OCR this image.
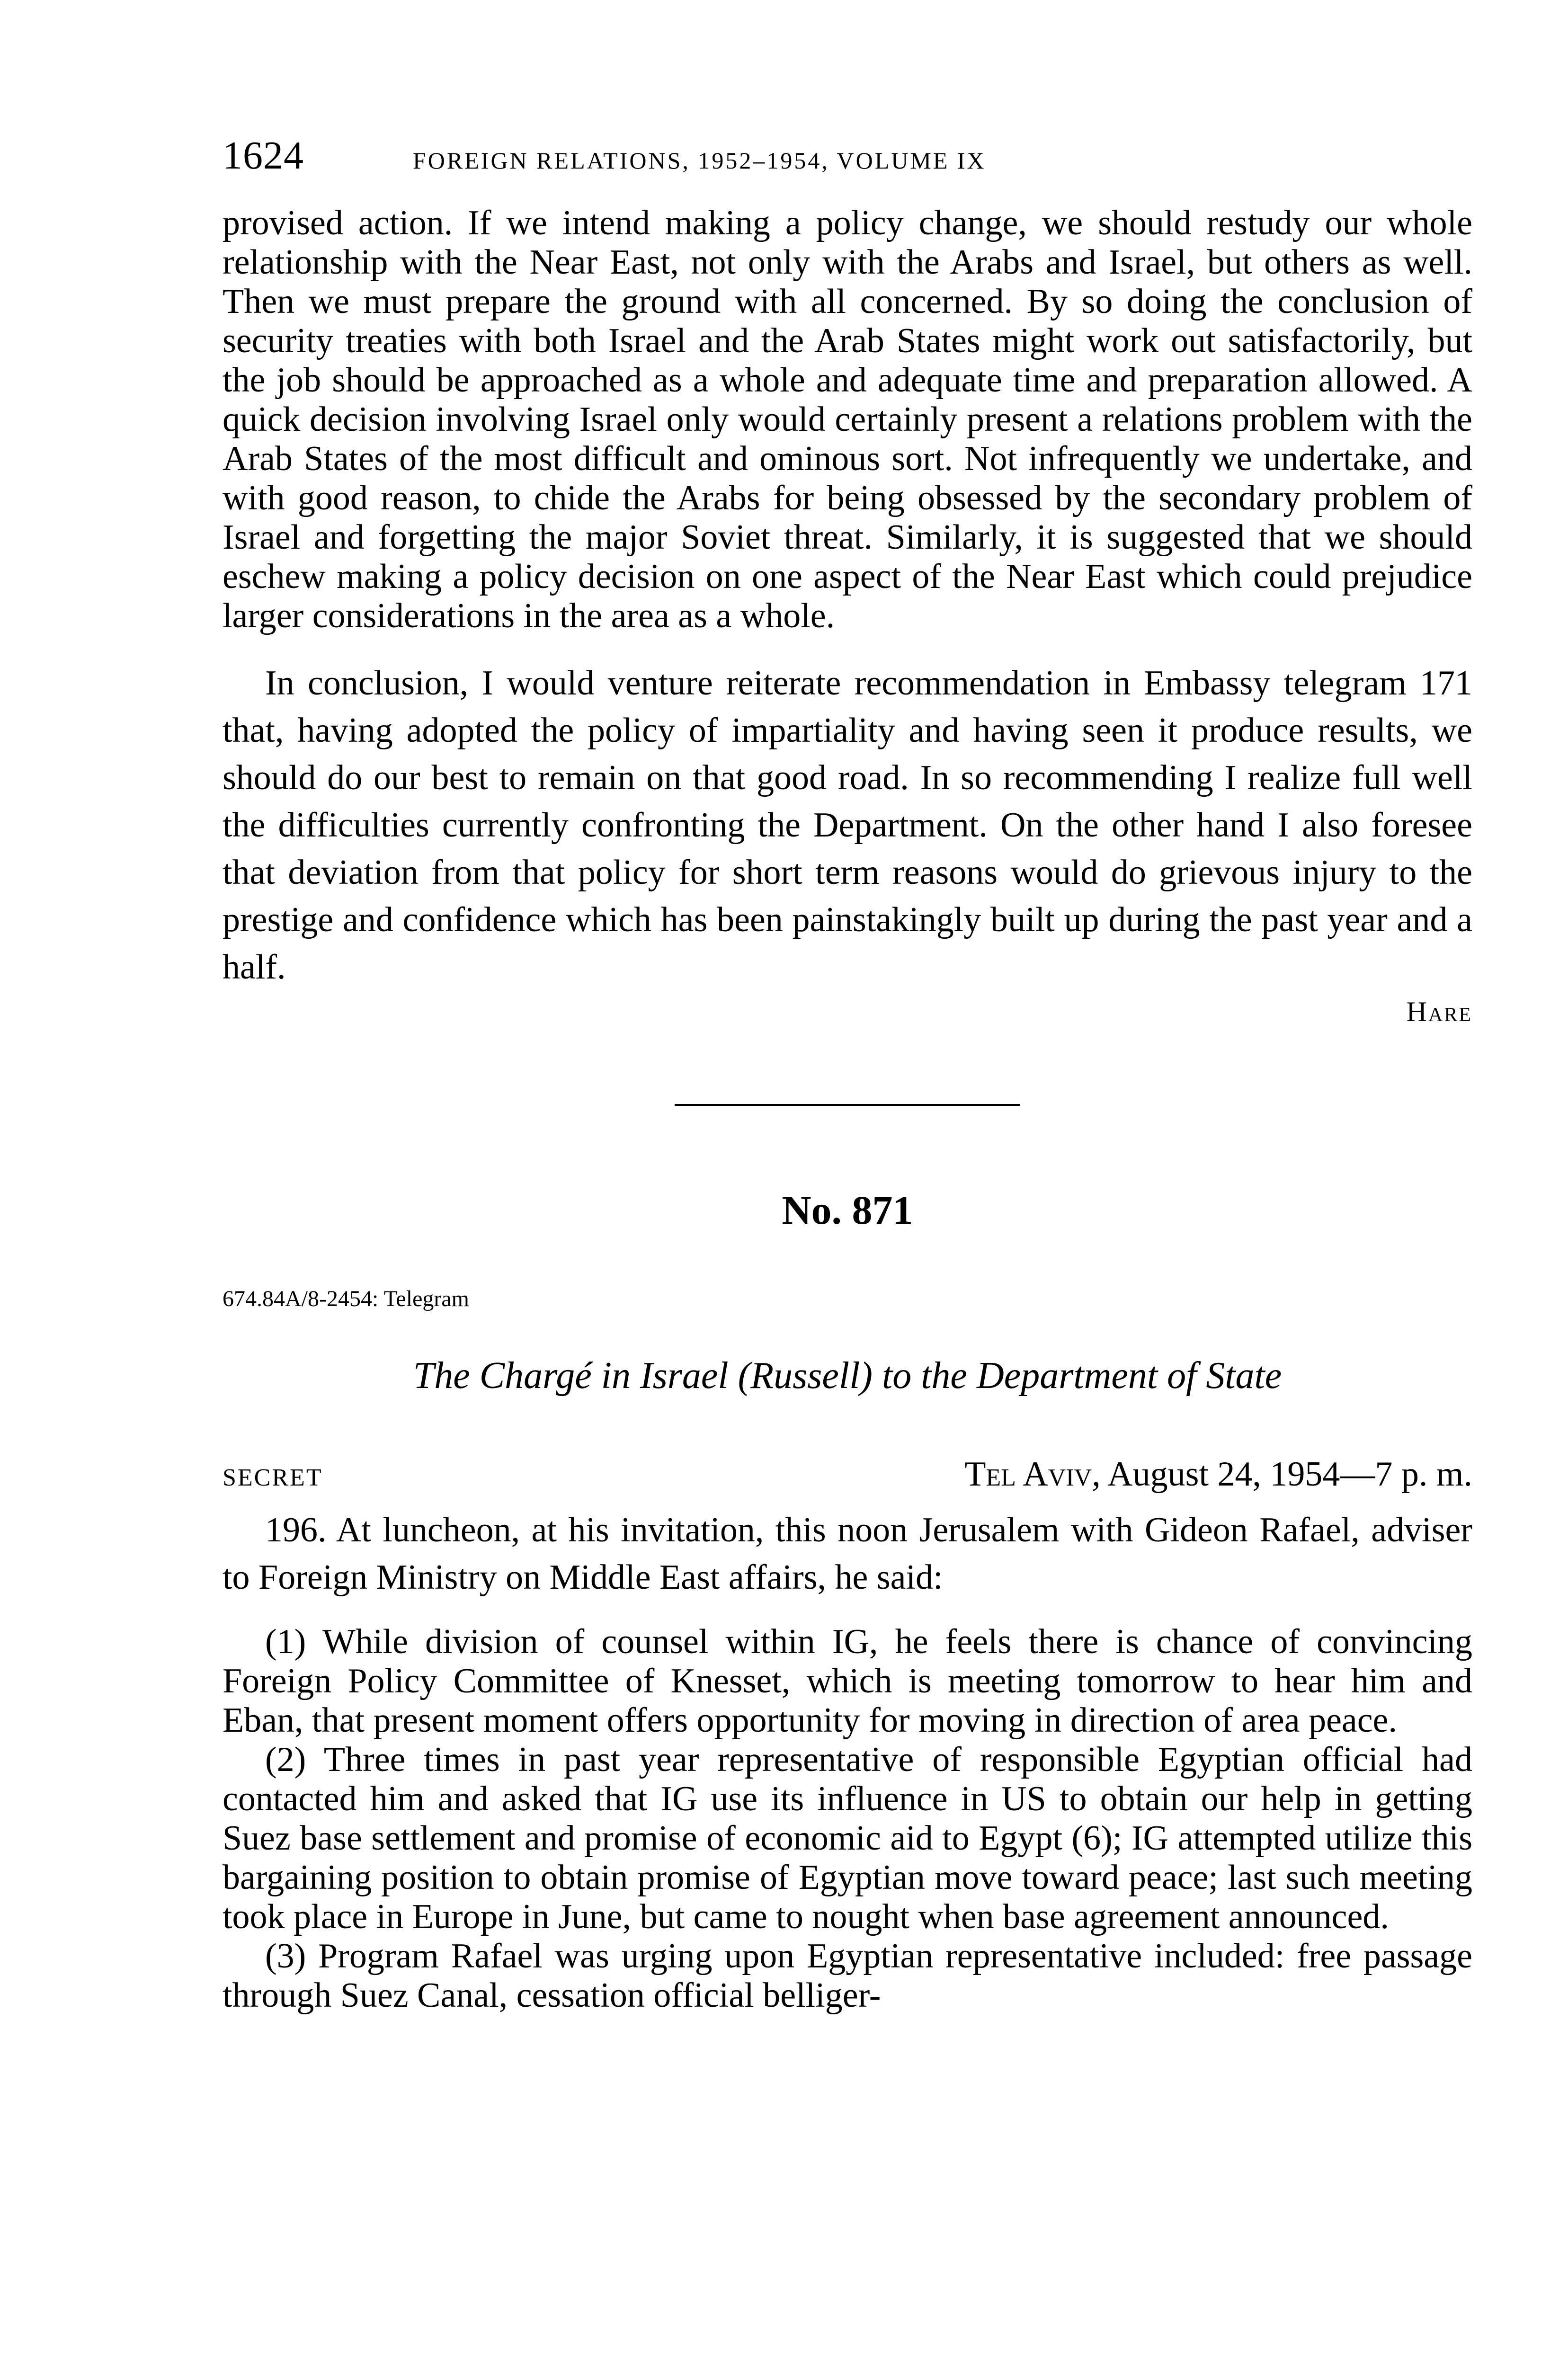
1624	FOREIGN RELATIONS, 1952–1954, VOLUME IX

provised action. If we intend making a policy change, we should restudy our whole relationship with the Near East, not only with the Arabs and Israel, but others as well. Then we must prepare the ground with all concerned. By so doing the conclusion of security treaties with both Israel and the Arab States might work out satisfactorily, but the job should be approached as a whole and adequate time and preparation allowed. A quick decision involving Israel only would certainly present a relations problem with the Arab States of the most difficult and ominous sort. Not infrequently we undertake, and with good reason, to chide the Arabs for being obsessed by the secondary problem of Israel and forgetting the major Soviet threat. Similarly, it is suggested that we should eschew making a policy decision on one aspect of the Near East which could prejudice larger considerations in the area as a whole.

In conclusion, I would venture reiterate recommendation in Embassy telegram 171 that, having adopted the policy of impartiality and having seen it produce results, we should do our best to remain on that good road. In so recommending I realize full well the difficulties currently confronting the Department. On the other hand I also foresee that deviation from that policy for short term reasons would do grievous injury to the prestige and confidence which has been painstakingly built up during the past year and a half.

Hare
No. 871
674.84A/8-2454: Telegram
The Chargé in Israel (Russell) to the Department of State
SECRET	Tel Aviv, August 24, 1954—7 p. m.

196. At luncheon, at his invitation, this noon Jerusalem with Gideon Rafael, adviser to Foreign Ministry on Middle East affairs, he said:

(1) While division of counsel within IG, he feels there is chance of convincing Foreign Policy Committee of Knesset, which is meeting tomorrow to hear him and Eban, that present moment offers opportunity for moving in direction of area peace.

(2) Three times in past year representative of responsible Egyptian official had contacted him and asked that IG use its influence in US to obtain our help in getting Suez base settlement and promise of economic aid to Egypt (6); IG attempted utilize this bargaining position to obtain promise of Egyptian move toward peace; last such meeting took place in Europe in June, but came to nought when base agreement announced.

(3) Program Rafael was urging upon Egyptian representative included: free passage through Suez Canal, cessation official belliger-
